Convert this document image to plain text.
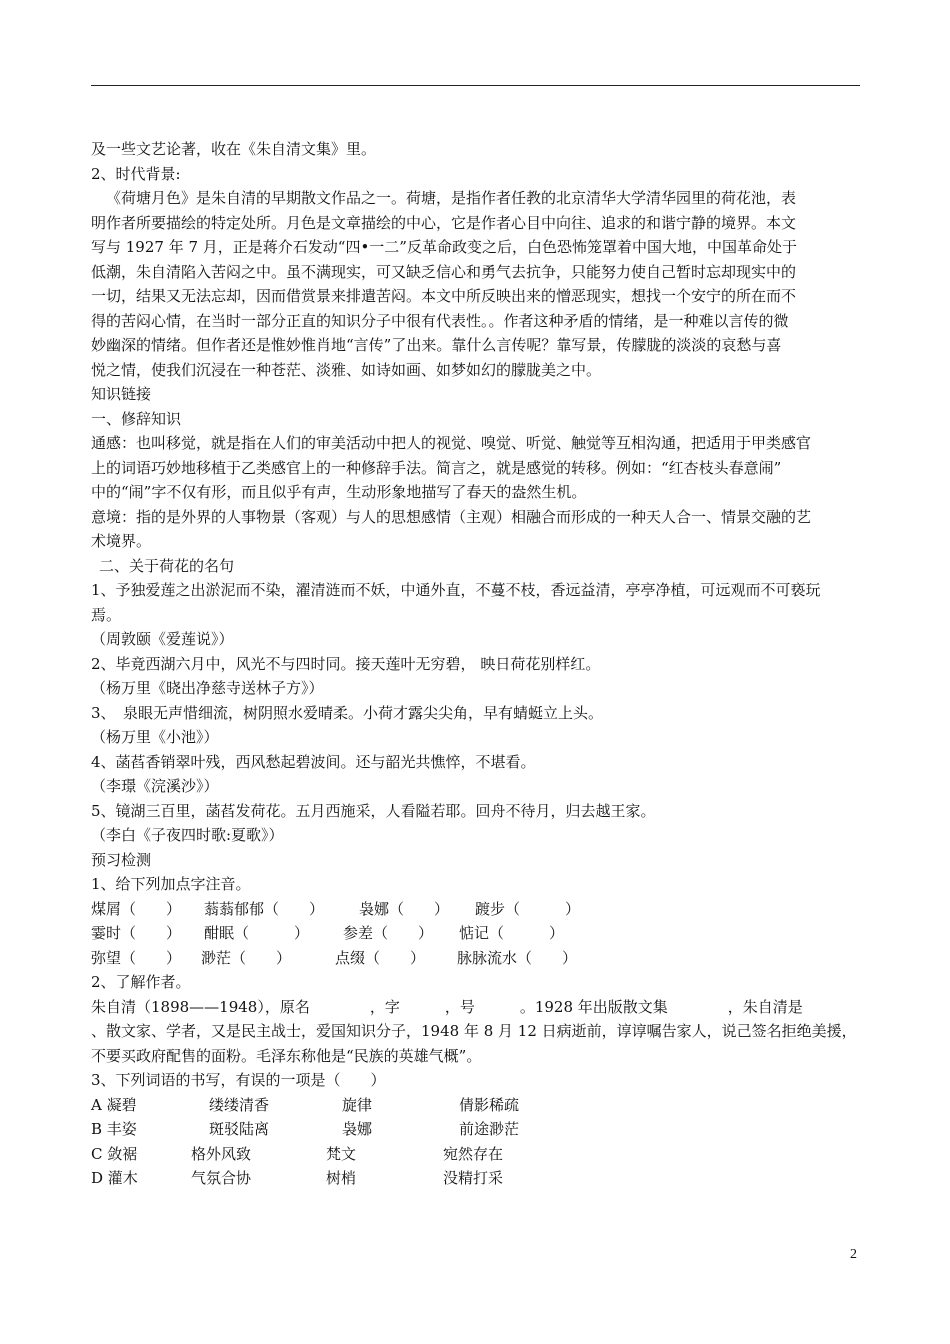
及一些文艺论著，收在《朱自清文集》里。
2、时代背景:
《荷塘月色》是朱自清的早期散文作品之一。荷塘，是指作者任教的北京清华大学清华园里的荷花池，表
明作者所要描绘的特定处所。月色是文章描绘的中心，它是作者心目中向往、追求的和谐宁静的境界。本文
写与 1927 年 7 月，正是蒋介石发动“四•一二”反革命政变之后，白色恐怖笼罩着中国大地，中国革命处于
低潮，朱自清陷入苦闷之中。虽不满现实，可又缺乏信心和勇气去抗争，只能努力使自己暂时忘却现实中的
一切，结果又无法忘却，因而借赏景来排遣苦闷。本文中所反映出来的憎恶现实，想找一个安宁的所在而不
得的苦闷心情，在当时一部分正直的知识分子中很有代表性。。作者这种矛盾的情绪，是一种难以言传的微
妙幽深的情绪。但作者还是惟妙惟肖地“言传”了出来。靠什么言传呢？靠写景，传朦胧的淡淡的哀愁与喜
悦之情，使我们沉浸在一种苍茫、淡雅、如诗如画、如梦如幻的朦胧美之中。
知识链接
一、修辞知识
通感：也叫移觉，就是指在人们的审美活动中把人的视觉、嗅觉、听觉、触觉等互相沟通，把适用于甲类感官
上的词语巧妙地移植于乙类感官上的一种修辞手法。简言之，就是感觉的转移。例如：“红杏枝头春意闹”
中的“闹”字不仅有形，而且似乎有声，生动形象地描写了春天的盎然生机。
意境：指的是外界的人事物景（客观）与人的思想感情（主观）相融合而形成的一种天人合一、情景交融的艺
术境界。
二、关于荷花的名句
1、予独爱莲之出淤泥而不染，濯清涟而不妖，中通外直，不蔓不枝，香远益清，亭亭净植，可远观而不可亵玩
焉。
（周敦颐《爱莲说》）
2、毕竟西湖六月中，风光不与四时同。接天莲叶无穷碧， 映日荷花别样红。
（杨万里《晓出净慈寺送林子方》）
3、　泉眼无声惜细流，树阴照水爱晴柔。小荷才露尖尖角，早有蜻蜓立上头。
（杨万里《小池》）
4、菡萏香销翠叶残，西风愁起碧波间。还与韶光共憔悴，不堪看。
（李璟《浣溪沙》）
5、镜湖三百里，菡萏发荷花。五月西施采，人看隘若耶。回舟不待月，归去越王家。
（李白《子夜四时歌:夏歌》）
预习检测
1、给下列加点字注音。
煤屑（　　） 蓊蓊郁郁（　　） 袅娜（　　） 踱步（　　　）
霎时（　　） 酣眠（　　　） 参差（　　） 惦记（　　　）
弥望（　　） 渺茫（　　）	点缀（　　） 脉脉流水（　　）
2、了解作者。
朱自清（1898——1948），原名　　　　，字　　　，号　　　。1928 年出版散文集　　　　，朱自清是
、散文家、学者，又是民主战士，爱国知识分子，1948 年 8 月 12 日病逝前，谆谆嘱告家人，说己签名拒绝美援，
不要买政府配售的面粉。毛泽东称他是“民族的英雄气概”。
3、下列词语的书写，有误的一项是（　　）
A 凝碧	缕缕清香	旋律	倩影稀疏
B 丰姿	斑驳陆离	袅娜	前途渺茫
C 敛裾	格外风致	梵文	宛然存在
D 灌木	气氛合协	树梢	没精打采
2
